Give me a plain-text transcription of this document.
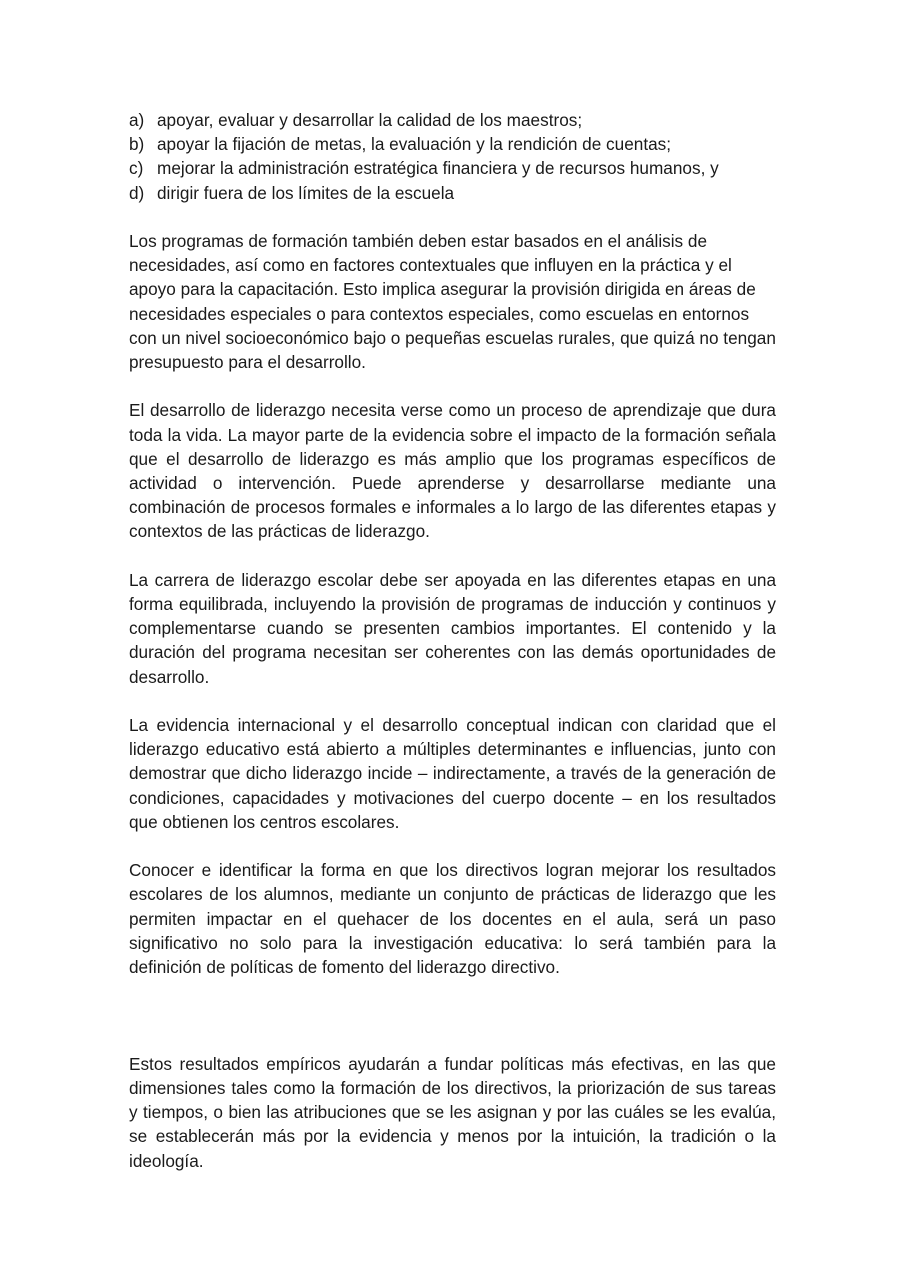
a) apoyar, evaluar y desarrollar la calidad de los maestros;
b) apoyar la fijación de metas, la evaluación y la rendición de cuentas;
c) mejorar la administración estratégica financiera y de recursos humanos, y
d) dirigir fuera de los límites de la escuela

Los programas de formación también deben estar basados en el análisis de necesidades, así como en factores contextuales que influyen en la práctica y el apoyo para la capacitación. Esto implica asegurar la provisión dirigida en áreas de necesidades especiales o para contextos especiales, como escuelas en entornos con un nivel socioeconómico bajo o pequeñas escuelas rurales, que quizá no tengan presupuesto para el desarrollo.

El desarrollo de liderazgo necesita verse como un proceso de aprendizaje que dura toda la vida. La mayor parte de la evidencia sobre el impacto de la formación señala que el desarrollo de liderazgo es más amplio que los programas específicos de actividad o intervención. Puede aprenderse y desarrollarse mediante una combinación de procesos formales e informales a lo largo de las diferentes etapas y contextos de las prácticas de liderazgo.

La carrera de liderazgo escolar debe ser apoyada en las diferentes etapas en una forma equilibrada, incluyendo la provisión de programas de inducción y continuos y complementarse cuando se presenten cambios importantes. El contenido y la duración del programa necesitan ser coherentes con las demás oportunidades de desarrollo.

La evidencia internacional y el desarrollo conceptual indican con claridad que el liderazgo educativo está abierto a múltiples determinantes e influencias, junto con demostrar que dicho liderazgo incide – indirectamente, a través de la generación de condiciones, capacidades y motivaciones del cuerpo docente – en los resultados que obtienen los centros escolares.

Conocer e identificar la forma en que los directivos logran mejorar los resultados escolares de los alumnos, mediante un conjunto de prácticas de liderazgo que les permiten impactar en el quehacer de los docentes en el aula, será un paso significativo no solo para la investigación educativa: lo será también para la definición de políticas de fomento del liderazgo directivo.

Estos resultados empíricos ayudarán a fundar políticas más efectivas, en las que dimensiones tales como la formación de los directivos, la priorización de sus tareas y tiempos, o bien las atribuciones que se les asignan y por las cuáles se les evalúa, se establecerán más por la evidencia y menos por la intuición, la tradición o la ideología.
